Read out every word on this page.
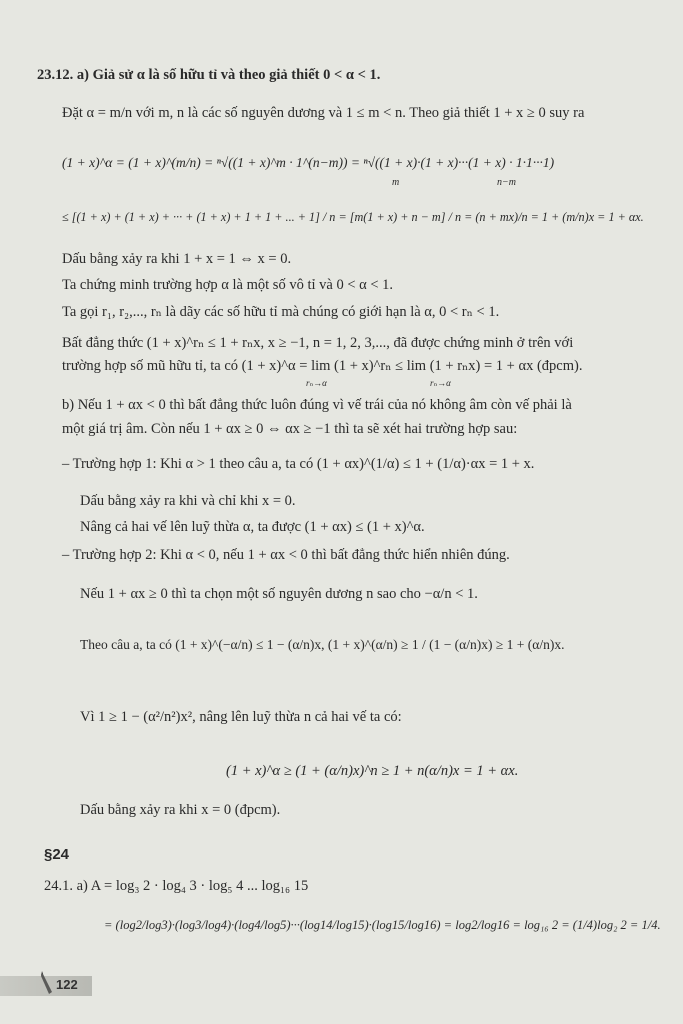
23.12. a) Giả sử α là số hữu tỉ và theo giả thiết 0 < α < 1.
Đặt α = m/n với m, n là các số nguyên dương và 1 ≤ m < n. Theo giả thiết 1 + x ≥ 0 suy ra
(1 + x)^α = (1 + x)^(m/n) = ⁿ√((1 + x)^m · 1^(n−m)) = ⁿ√((1 + x)·(1 + x)···(1 + x) · 1·1···1)
m	n−m
≤ [(1 + x) + (1 + x) + ··· + (1 + x) + 1 + 1 + ... + 1] / n = [m(1 + x) + n − m] / n = (n + mx)/n = 1 + (m/n)x = 1 + αx.
Dấu bằng xảy ra khi 1 + x = 1 ⇔ x = 0.
Ta chứng minh trường hợp α là một số vô tỉ và 0 < α < 1.
Ta gọi r₁, r₂,..., rₙ là dãy các số hữu tỉ mà chúng có giới hạn là α, 0 < rₙ < 1.
Bất đẳng thức (1 + x)^rₙ ≤ 1 + rₙx, x ≥ −1, n = 1, 2, 3,..., đã được chứng minh ở trên với
trường hợp số mũ hữu tỉ, ta có (1 + x)^α = lim (1 + x)^rₙ ≤ lim (1 + rₙx) = 1 + αx (đpcm).
rₙ→α	rₙ→α
b) Nếu 1 + αx < 0 thì bất đẳng thức luôn đúng vì vế trái của nó không âm còn vế phải là
một giá trị âm. Còn nếu 1 + αx ≥ 0 ⇔ αx ≥ −1 thì ta sẽ xét hai trường hợp sau:
– Trường hợp 1: Khi α > 1 theo câu a, ta có (1 + αx)^(1/α) ≤ 1 + (1/α)·αx = 1 + x.
Dấu bằng xảy ra khi và chỉ khi x = 0.
Nâng cả hai vế lên luỹ thừa α, ta được (1 + αx) ≤ (1 + x)^α.
– Trường hợp 2: Khi α < 0, nếu 1 + αx < 0 thì bất đẳng thức hiển nhiên đúng.
Nếu 1 + αx ≥ 0 thì ta chọn một số nguyên dương n sao cho −α/n < 1.
Theo câu a, ta có (1 + x)^(−α/n) ≤ 1 − (α/n)x, (1 + x)^(α/n) ≥ 1 / (1 − (α/n)x) ≥ 1 + (α/n)x.
Vì 1 ≥ 1 − (α²/n²)x², nâng lên luỹ thừa n cả hai vế ta có:
(1 + x)^α ≥ (1 + (α/n)x)^n ≥ 1 + n(α/n)x = 1 + αx.
Dấu bằng xảy ra khi x = 0 (đpcm).
§24
24.1. a) A = log₃ 2 · log₄ 3 · log₅ 4 ... log₁₆ 15
= (log2/log3)·(log3/log4)·(log4/log5)···(log14/log15)·(log15/log16) = log2/log16 = log₁₆ 2 = (1/4)log₂ 2 = 1/4.
122
